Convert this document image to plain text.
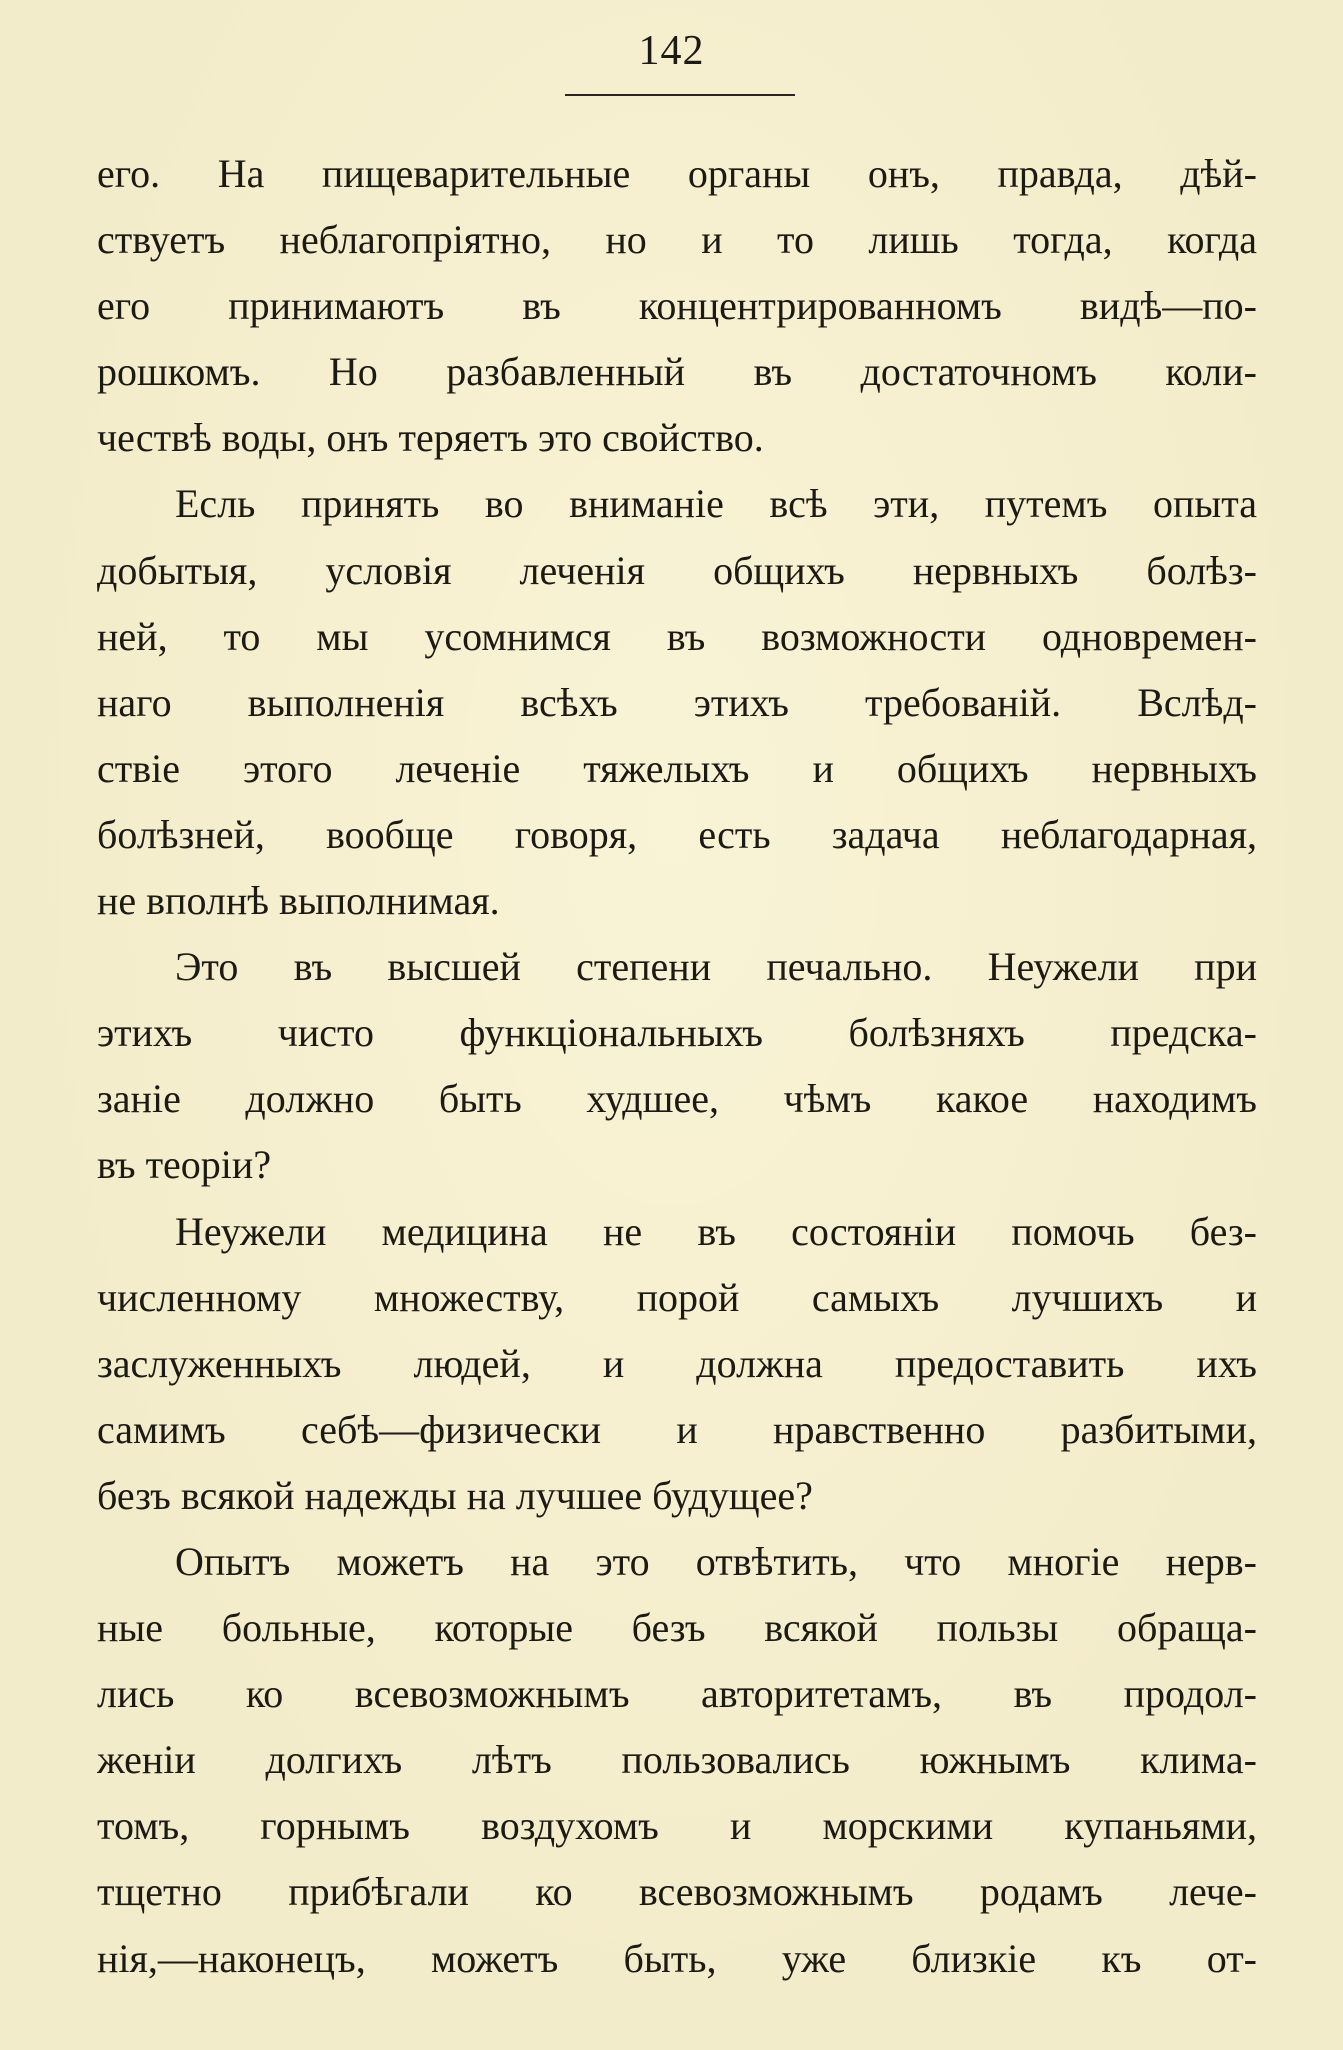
142
его. На пищеварительные органы онъ, правда, дѣй-
ствуетъ неблагопріятно, но и то лишь тогда, когда
его принимаютъ въ концентрированномъ видѣ—по-
рошкомъ. Но разбавленный въ достаточномъ коли-
чествѣ воды, онъ теряетъ это свойство.
Есль принять во вниманіе всѣ эти, путемъ опыта
добытыя, условія леченія общихъ нервныхъ болѣз-
ней, то мы усомнимся въ возможности одновремен-
наго выполненія всѣхъ этихъ требованій. Вслѣд-
ствіе этого леченіе тяжелыхъ и общихъ нервныхъ
болѣзней, вообще говоря, есть задача неблагодарная,
не вполнѣ выполнимая.
Это въ высшей степени печально. Неужели при
этихъ чисто функціональныхъ болѣзняхъ предска-
заніе должно быть худшее, чѣмъ какое находимъ
въ теоріи?
Неужели медицина не въ состояніи помочь без-
численному множеству, порой самыхъ лучшихъ и
заслуженныхъ людей, и должна предоставить ихъ
самимъ себѣ—физически и нравственно разбитыми,
безъ всякой надежды на лучшее будущее?
Опытъ можетъ на это отвѣтить, что многіе нерв-
ные больные, которые безъ всякой пользы обраща-
лись ко всевозможнымъ авторитетамъ, въ продол-
женіи долгихъ лѣтъ пользовались южнымъ клима-
томъ, горнымъ воздухомъ и морскими купаньями,
тщетно прибѣгали ко всевозможнымъ родамъ лече-
нія,—наконецъ, можетъ быть, уже близкіе къ от-
